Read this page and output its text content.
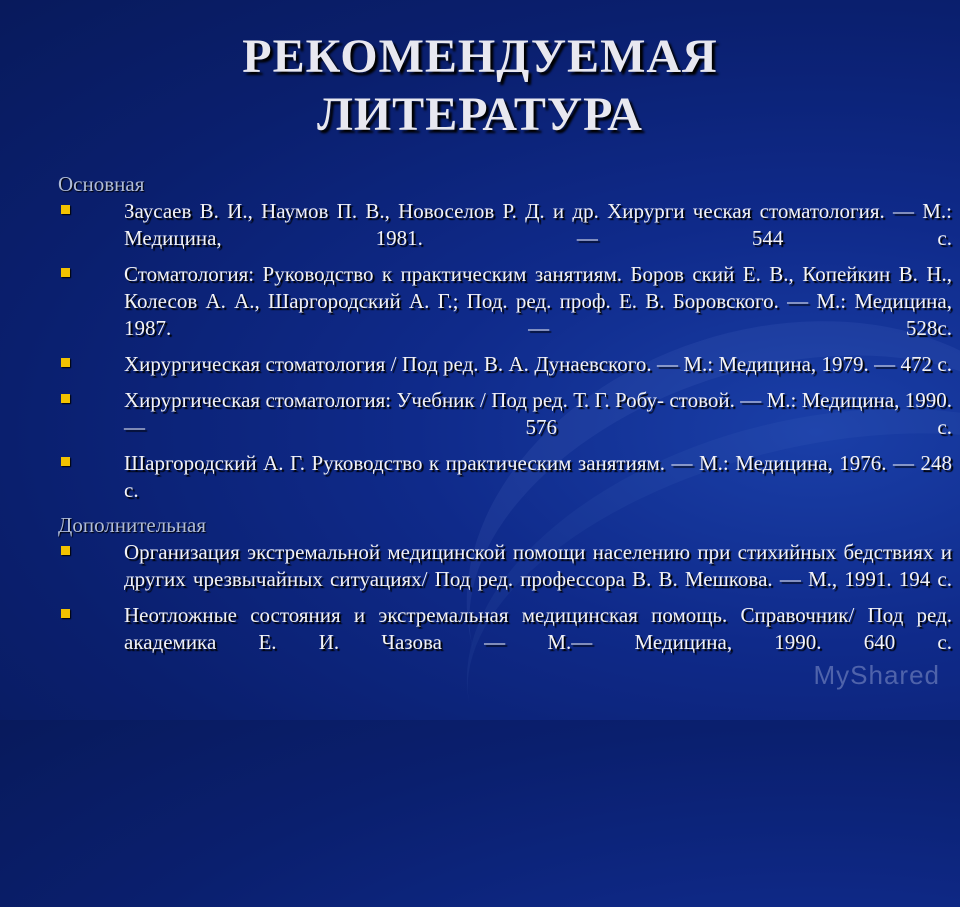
РЕКОМЕНДУЕМАЯ
ЛИТЕРАТУРА
Основная
Заусаев В. И., Наумов П. В., Новоселов Р. Д. и др. Хирурги ческая стоматология. — М.: Медицина, 1981. — 544 с.
Стоматология: Руководство к практическим занятиям. Боров ский Е. В., Копейкин В. Н., Колесов А. А., Шаргородский А. Г.; Под. ред. проф. Е. В. Боровского. — М.: Медицина, 1987. — 528с.
Хирургическая стоматология / Под ред. В. А. Дунаевского. — М.: Медицина, 1979. — 472 с.
Хирургическая стоматология: Учебник / Под ред. Т. Г. Робу- стовой. — М.: Медицина, 1990. — 576 с.
Шаргородский А. Г. Руководство к практическим занятиям. — М.: Медицина, 1976. — 248 с.
Дополнительная
Организация экстремальной медицинской помощи населению при стихийных бедствиях и других чрезвычайных ситуациях/ Под ред. профессора В. В. Мешкова. — М., 1991. 194 с.
Неотложные состояния и экстремальная медицинская помощь. Справочник/ Под ред. академика Е. И. Чазова — М.— Медицина, 1990. 640 с.
MyShared
